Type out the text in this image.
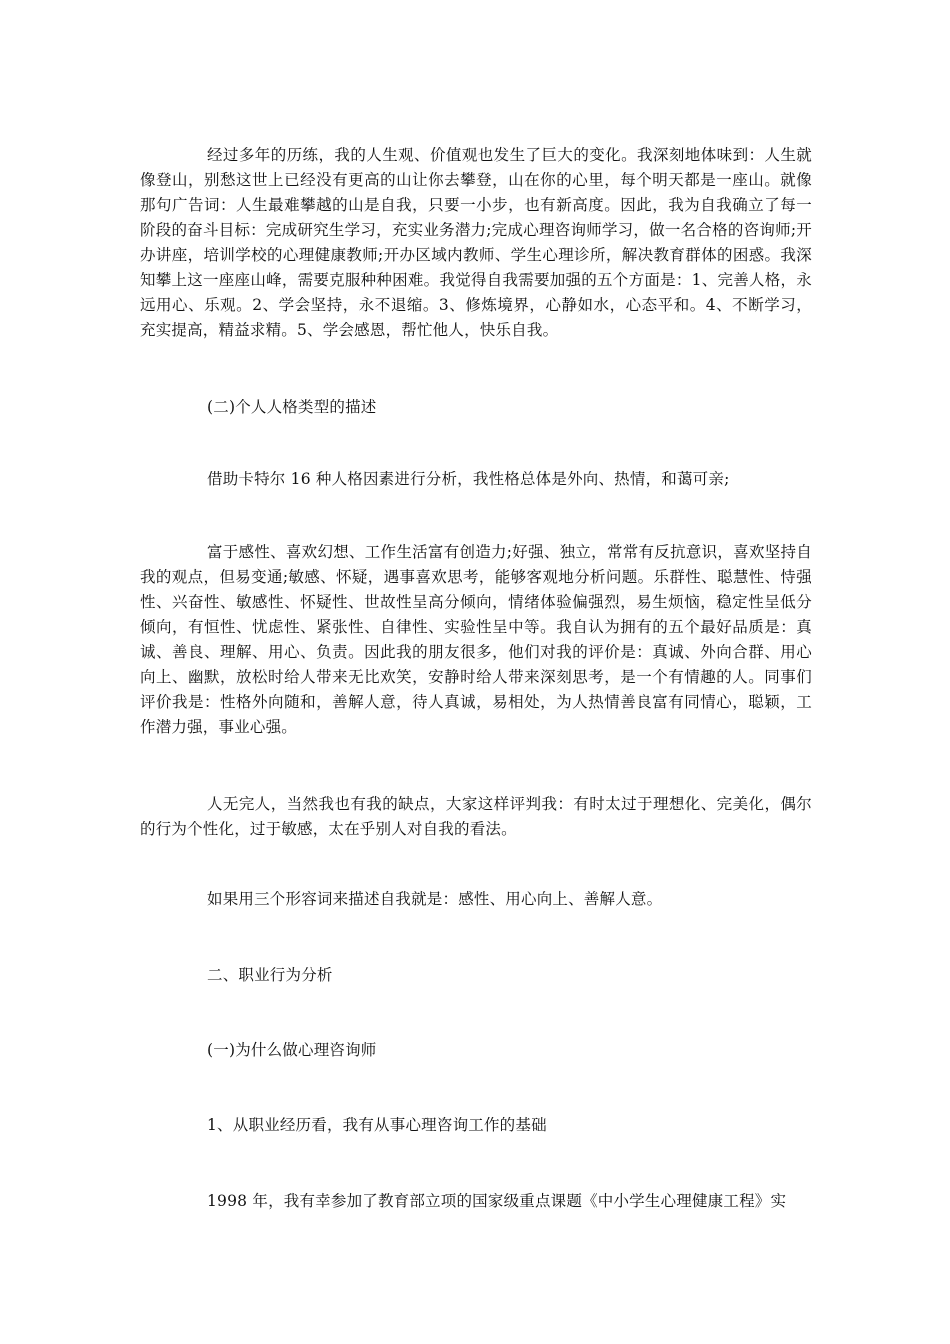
经过多年的历练，我的人生观、价值观也发生了巨大的变化。我深刻地体味到：人生就像登山，别愁这世上已经没有更高的山让你去攀登，山在你的心里，每个明天都是一座山。就像那句广告词：人生最难攀越的山是自我，只要一小步，也有新高度。因此，我为自我确立了每一阶段的奋斗目标：完成研究生学习，充实业务潜力;完成心理咨询师学习，做一名合格的咨询师;开办讲座，培训学校的心理健康教师;开办区域内教师、学生心理诊所，解决教育群体的困惑。我深知攀上这一座座山峰，需要克服种种困难。我觉得自我需要加强的五个方面是：1、完善人格，永远用心、乐观。2、学会坚持，永不退缩。3、修炼境界，心静如水，心态平和。4、不断学习，充实提高，精益求精。5、学会感恩，帮忙他人，快乐自我。

(二)个人人格类型的描述

借助卡特尔 16 种人格因素进行分析，我性格总体是外向、热情，和蔼可亲;

富于感性、喜欢幻想、工作生活富有创造力;好强、独立，常常有反抗意识，喜欢坚持自我的观点，但易变通;敏感、怀疑，遇事喜欢思考，能够客观地分析问题。乐群性、聪慧性、恃强性、兴奋性、敏感性、怀疑性、世故性呈高分倾向，情绪体验偏强烈，易生烦恼，稳定性呈低分倾向，有恒性、忧虑性、紧张性、自律性、实验性呈中等。我自认为拥有的五个最好品质是：真诚、善良、理解、用心、负责。因此我的朋友很多，他们对我的评价是：真诚、外向合群、用心向上、幽默，放松时给人带来无比欢笑，安静时给人带来深刻思考，是一个有情趣的人。同事们评价我是：性格外向随和，善解人意，待人真诚，易相处，为人热情善良富有同情心，聪颖，工作潜力强，事业心强。

人无完人，当然我也有我的缺点，大家这样评判我：有时太过于理想化、完美化，偶尔的行为个性化，过于敏感，太在乎别人对自我的看法。

如果用三个形容词来描述自我就是：感性、用心向上、善解人意。

二、职业行为分析

(一)为什么做心理咨询师

1、从职业经历看，我有从事心理咨询工作的基础

1998 年，我有幸参加了教育部立项的国家级重点课题《中小学生心理健康工程》实
